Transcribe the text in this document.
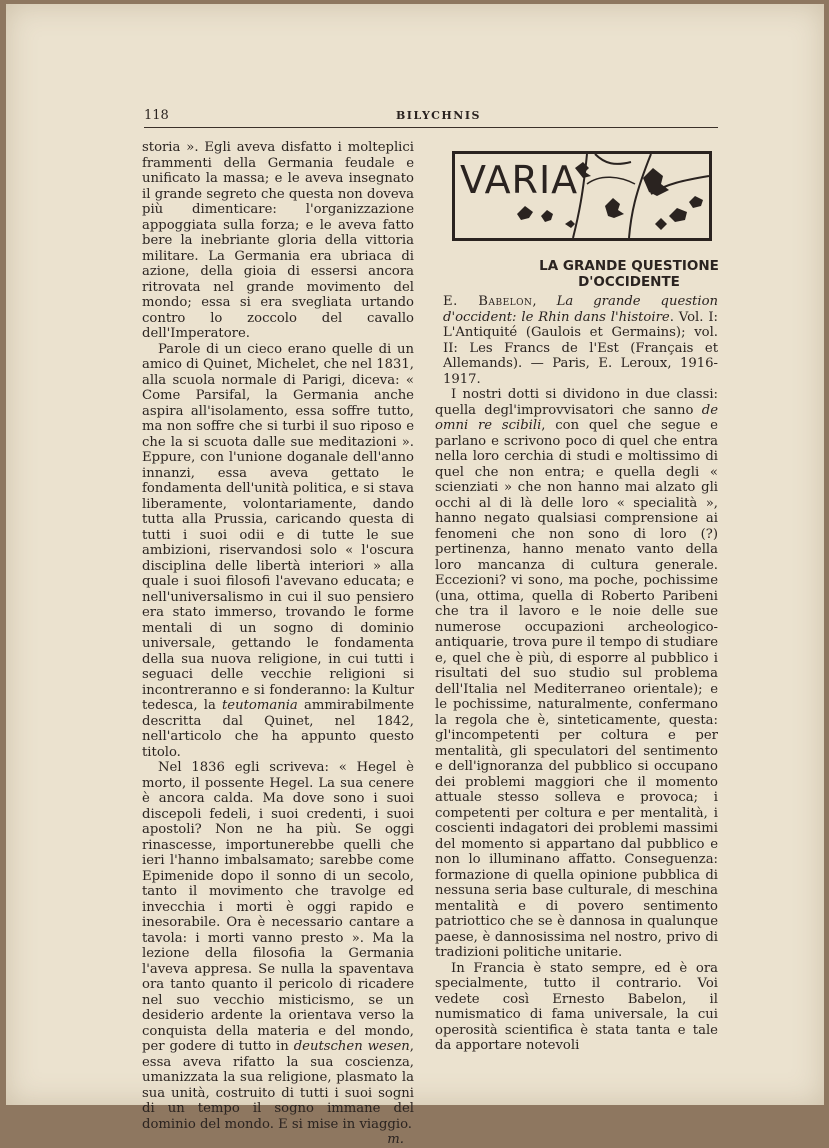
118	BILYCHNIS

storia ». Egli aveva disfatto i molteplici frammenti della Germania feudale e unificato la massa; e le aveva insegnato il grande segreto che questa non doveva più dimenticare: l'organizzazione appoggiata sulla forza; e le aveva fatto bere la inebriante gloria della vittoria militare. La Germania era ubriaca di azione, della gioia di essersi ancora ritrovata nel grande movimento del mondo; essa si era svegliata urtando contro lo zoccolo del cavallo dell'Imperatore.

Parole di un cieco erano quelle di un amico di Quinet, Michelet, che nel 1831, alla scuola normale di Parigi, diceva: « Come Parsifal, la Germania anche aspira all'isolamento, essa soffre tutto, ma non soffre che si turbi il suo riposo e che la si scuota dalle sue meditazioni ». Eppure, con l'unione doganale dell'anno innanzi, essa aveva gettato le fondamenta dell'unità politica, e si stava liberamente, volontariamente, dando tutta alla Prussia, caricando questa di tutti i suoi odii e di tutte le sue ambizioni, riservandosi solo « l'oscura disciplina delle libertà interiori » alla quale i suoi filosofi l'avevano educata; e nell'universalismo in cui il suo pensiero era stato immerso, trovando le forme mentali di un sogno di dominio universale, gettando le fondamenta della sua nuova religione, in cui tutti i seguaci delle vecchie religioni si incontreranno e si fonderanno: la Kultur tedesca, la teutomania ammirabilmente descritta dal Quinet, nel 1842, nell'articolo che ha appunto questo titolo.

Nel 1836 egli scriveva: « Hegel è morto, il possente Hegel. La sua cenere è ancora calda. Ma dove sono i suoi discepoli fedeli, i suoi credenti, i suoi apostoli? Non ne ha più. Se oggi rinascesse, importunerebbe quelli che ieri l'hanno imbalsamato; sarebbe come Epimenide dopo il sonno di un secolo, tanto il movimento che travolge ed invecchia i morti è oggi rapido e inesorabile. Ora è necessario cantare a tavola: i morti vanno presto ». Ma la lezione della filosofia la Germania l'aveva appresa. Se nulla la spaventava ora tanto quanto il pericolo di ricadere nel suo vecchio misticismo, se un desiderio ardente la orientava verso la conquista della materia e del mondo, per godere di tutto in deutschen wesen, essa aveva rifatto la sua coscienza, umanizzata la sua religione, plasmato la sua unità, costruito di tutti i suoi sogni di un tempo il sogno immane del dominio del mondo. E si mise in viaggio.
m.

VARIA
LA GRANDE QUESTIONE
D'OCCIDENTE

E. Babelon, La grande question d'occident: le Rhin dans l'histoire. Vol. I: L'Antiquité (Gaulois et Germains); vol. II: Les Francs de l'Est (Français et Allemands). — Paris, E. Leroux, 1916-1917.

I nostri dotti si dividono in due classi: quella degl'improvvisatori che sanno de omni re scibili, con quel che segue e parlano e scrivono poco di quel che entra nella loro cerchia di studi e moltissimo di quel che non entra; e quella degli « scienziati » che non hanno mai alzato gli occhi al di là delle loro « specialità », hanno negato qualsiasi comprensione ai fenomeni che non sono di loro (?) pertinenza, hanno menato vanto della loro mancanza di cultura generale. Eccezioni? vi sono, ma poche, pochissime (una, ottima, quella di Roberto Paribeni che tra il lavoro e le noie delle sue numerose occupazioni archeologico-antiquarie, trova pure il tempo di studiare e, quel che è più, di esporre al pubblico i risultati del suo studio sul problema dell'Italia nel Mediterraneo orientale); e le pochissime, naturalmente, confermano la regola che è, sinteticamente, questa: gl'incompetenti per coltura e per mentalità, gli speculatori del sentimento e dell'ignoranza del pubblico si occupano dei problemi maggiori che il momento attuale stesso solleva e provoca; i competenti per coltura e per mentalità, i coscienti indagatori dei problemi massimi del momento si appartano dal pubblico e non lo illuminano affatto. Conseguenza: formazione di quella opinione pubblica di nessuna seria base culturale, di meschina mentalità e di povero sentimento patriottico che se è dannosa in qualunque paese, è dannosissima nel nostro, privo di tradizioni politiche unitarie.

In Francia è stato sempre, ed è ora specialmente, tutto il contrario. Voi vedete così Ernesto Babelon, il numismatico di fama universale, la cui operosità scientifica è stata tanta e tale da apportare notevoli
